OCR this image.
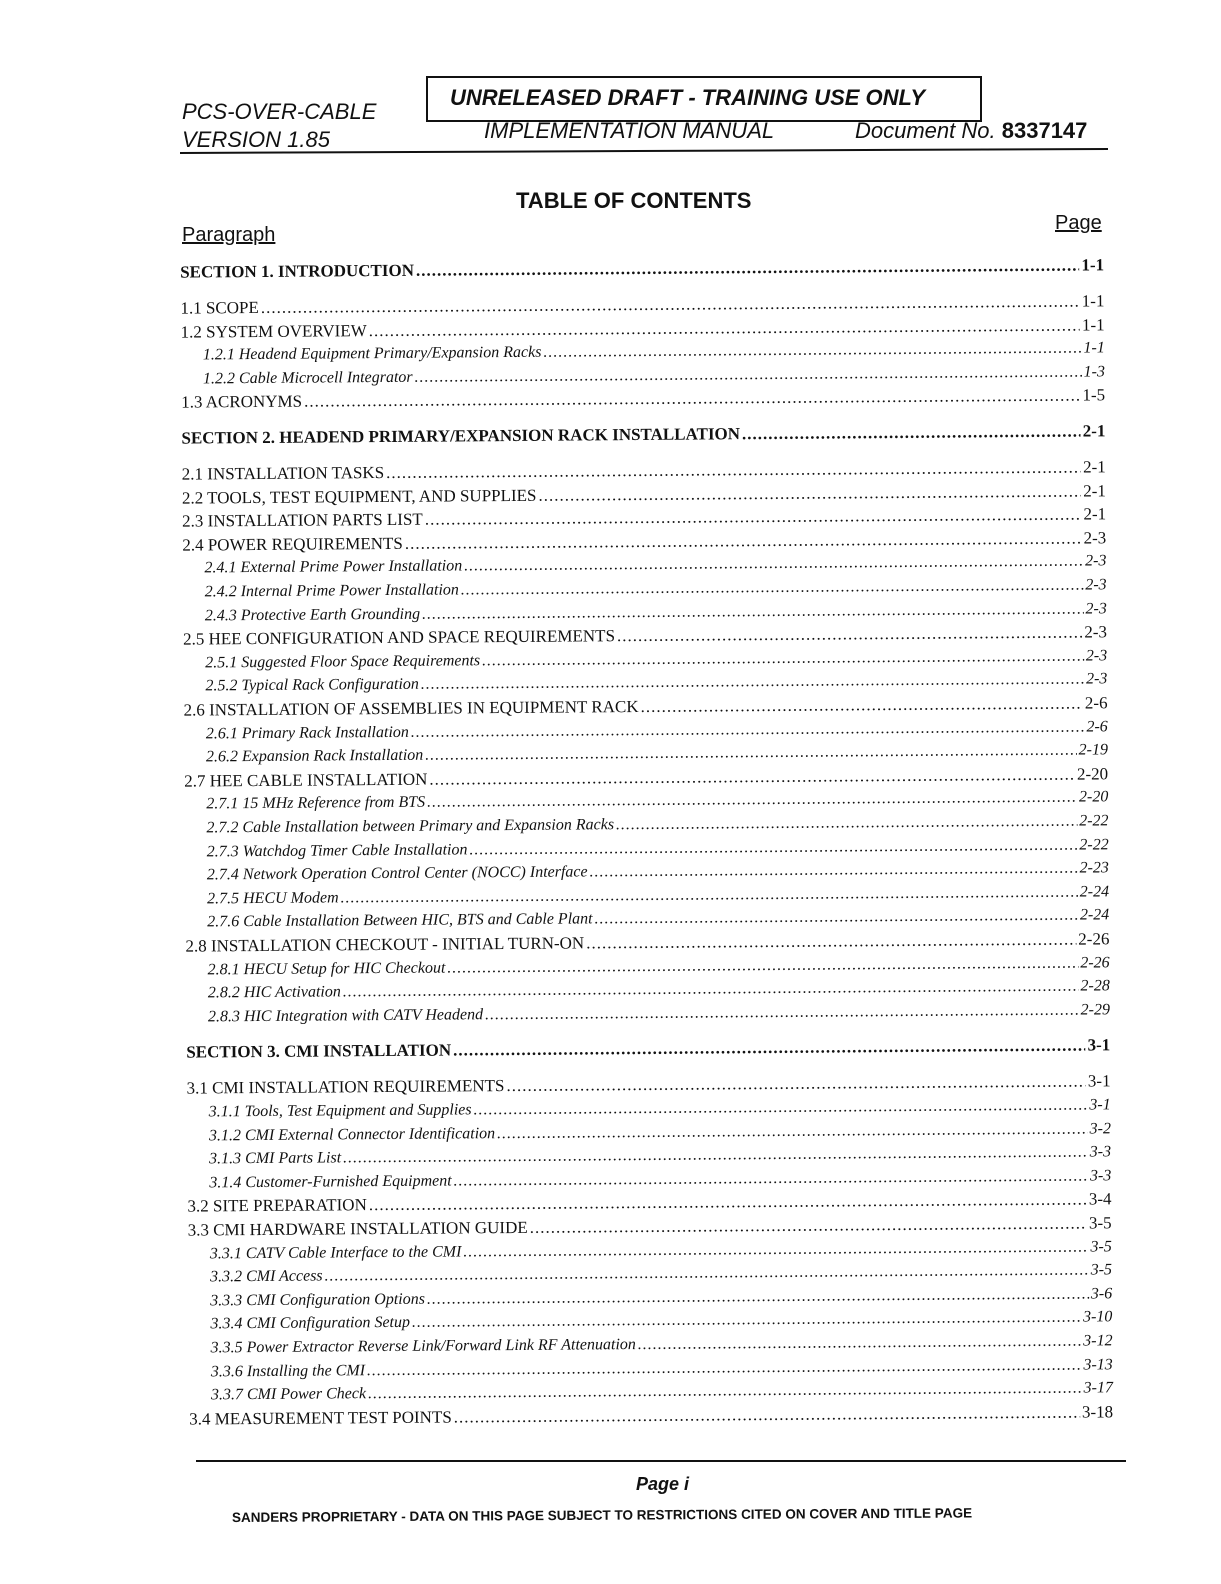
PCS-OVER-CABLE
VERSION 1.85
UNRELEASED DRAFT - TRAINING USE ONLY
IMPLEMENTATION MANUAL	Document No. 8337147
TABLE OF CONTENTS
Paragraph
Page
SECTION 1. INTRODUCTION .....	1-1
1.1 SCOPE .....	1-1
1.2 SYSTEM OVERVIEW .....	1-1
1.2.1 Headend Equipment Primary/Expansion Racks .....	1-1
1.2.2 Cable Microcell Integrator .....	1-3
1.3 ACRONYMS .....	1-5
SECTION 2. HEADEND PRIMARY/EXPANSION RACK INSTALLATION .....	2-1
2.1 INSTALLATION TASKS .....	2-1
2.2 TOOLS, TEST EQUIPMENT, AND SUPPLIES .....	2-1
2.3 INSTALLATION PARTS LIST .....	2-1
2.4 POWER REQUIREMENTS .....	2-3
2.4.1 External Prime Power Installation .....	2-3
2.4.2 Internal Prime Power Installation .....	2-3
2.4.3 Protective Earth Grounding .....	2-3
2.5 HEE CONFIGURATION AND SPACE REQUIREMENTS .....	2-3
2.5.1 Suggested Floor Space Requirements .....	2-3
2.5.2 Typical Rack Configuration .....	2-3
2.6 INSTALLATION OF ASSEMBLIES IN EQUIPMENT RACK .....	2-6
2.6.1 Primary Rack Installation .....	2-6
2.6.2 Expansion Rack Installation .....	2-19
2.7 HEE CABLE INSTALLATION .....	2-20
2.7.1 15 MHz Reference from BTS .....	2-20
2.7.2 Cable Installation between Primary and Expansion Racks .....	2-22
2.7.3 Watchdog Timer Cable Installation .....	2-22
2.7.4 Network Operation Control Center (NOCC) Interface .....	2-23
2.7.5 HECU Modem .....	2-24
2.7.6 Cable Installation Between HIC, BTS and Cable Plant .....	2-24
2.8 INSTALLATION CHECKOUT - INITIAL TURN-ON .....	2-26
2.8.1 HECU Setup for HIC Checkout .....	2-26
2.8.2 HIC Activation .....	2-28
2.8.3 HIC Integration with CATV Headend .....	2-29
SECTION 3. CMI INSTALLATION .....	3-1
3.1 CMI INSTALLATION REQUIREMENTS .....	3-1
3.1.1 Tools, Test Equipment and Supplies .....	3-1
3.1.2 CMI External Connector Identification .....	3-2
3.1.3 CMI Parts List .....	3-3
3.1.4 Customer-Furnished Equipment .....	3-3
3.2 SITE PREPARATION .....	3-4
3.3 CMI HARDWARE INSTALLATION GUIDE .....	3-5
3.3.1 CATV Cable Interface to the CMI .....	3-5
3.3.2 CMI Access .....	3-5
3.3.3 CMI Configuration Options .....	3-6
3.3.4 CMI Configuration Setup .....	3-10
3.3.5 Power Extractor Reverse Link/Forward Link RF Attenuation .....	3-12
3.3.6 Installing the CMI .....	3-13
3.3.7 CMI Power Check .....	3-17
3.4 MEASUREMENT TEST POINTS .....	3-18
Page i
SANDERS PROPRIETARY - DATA ON THIS PAGE SUBJECT TO RESTRICTIONS CITED ON COVER AND TITLE PAGE
